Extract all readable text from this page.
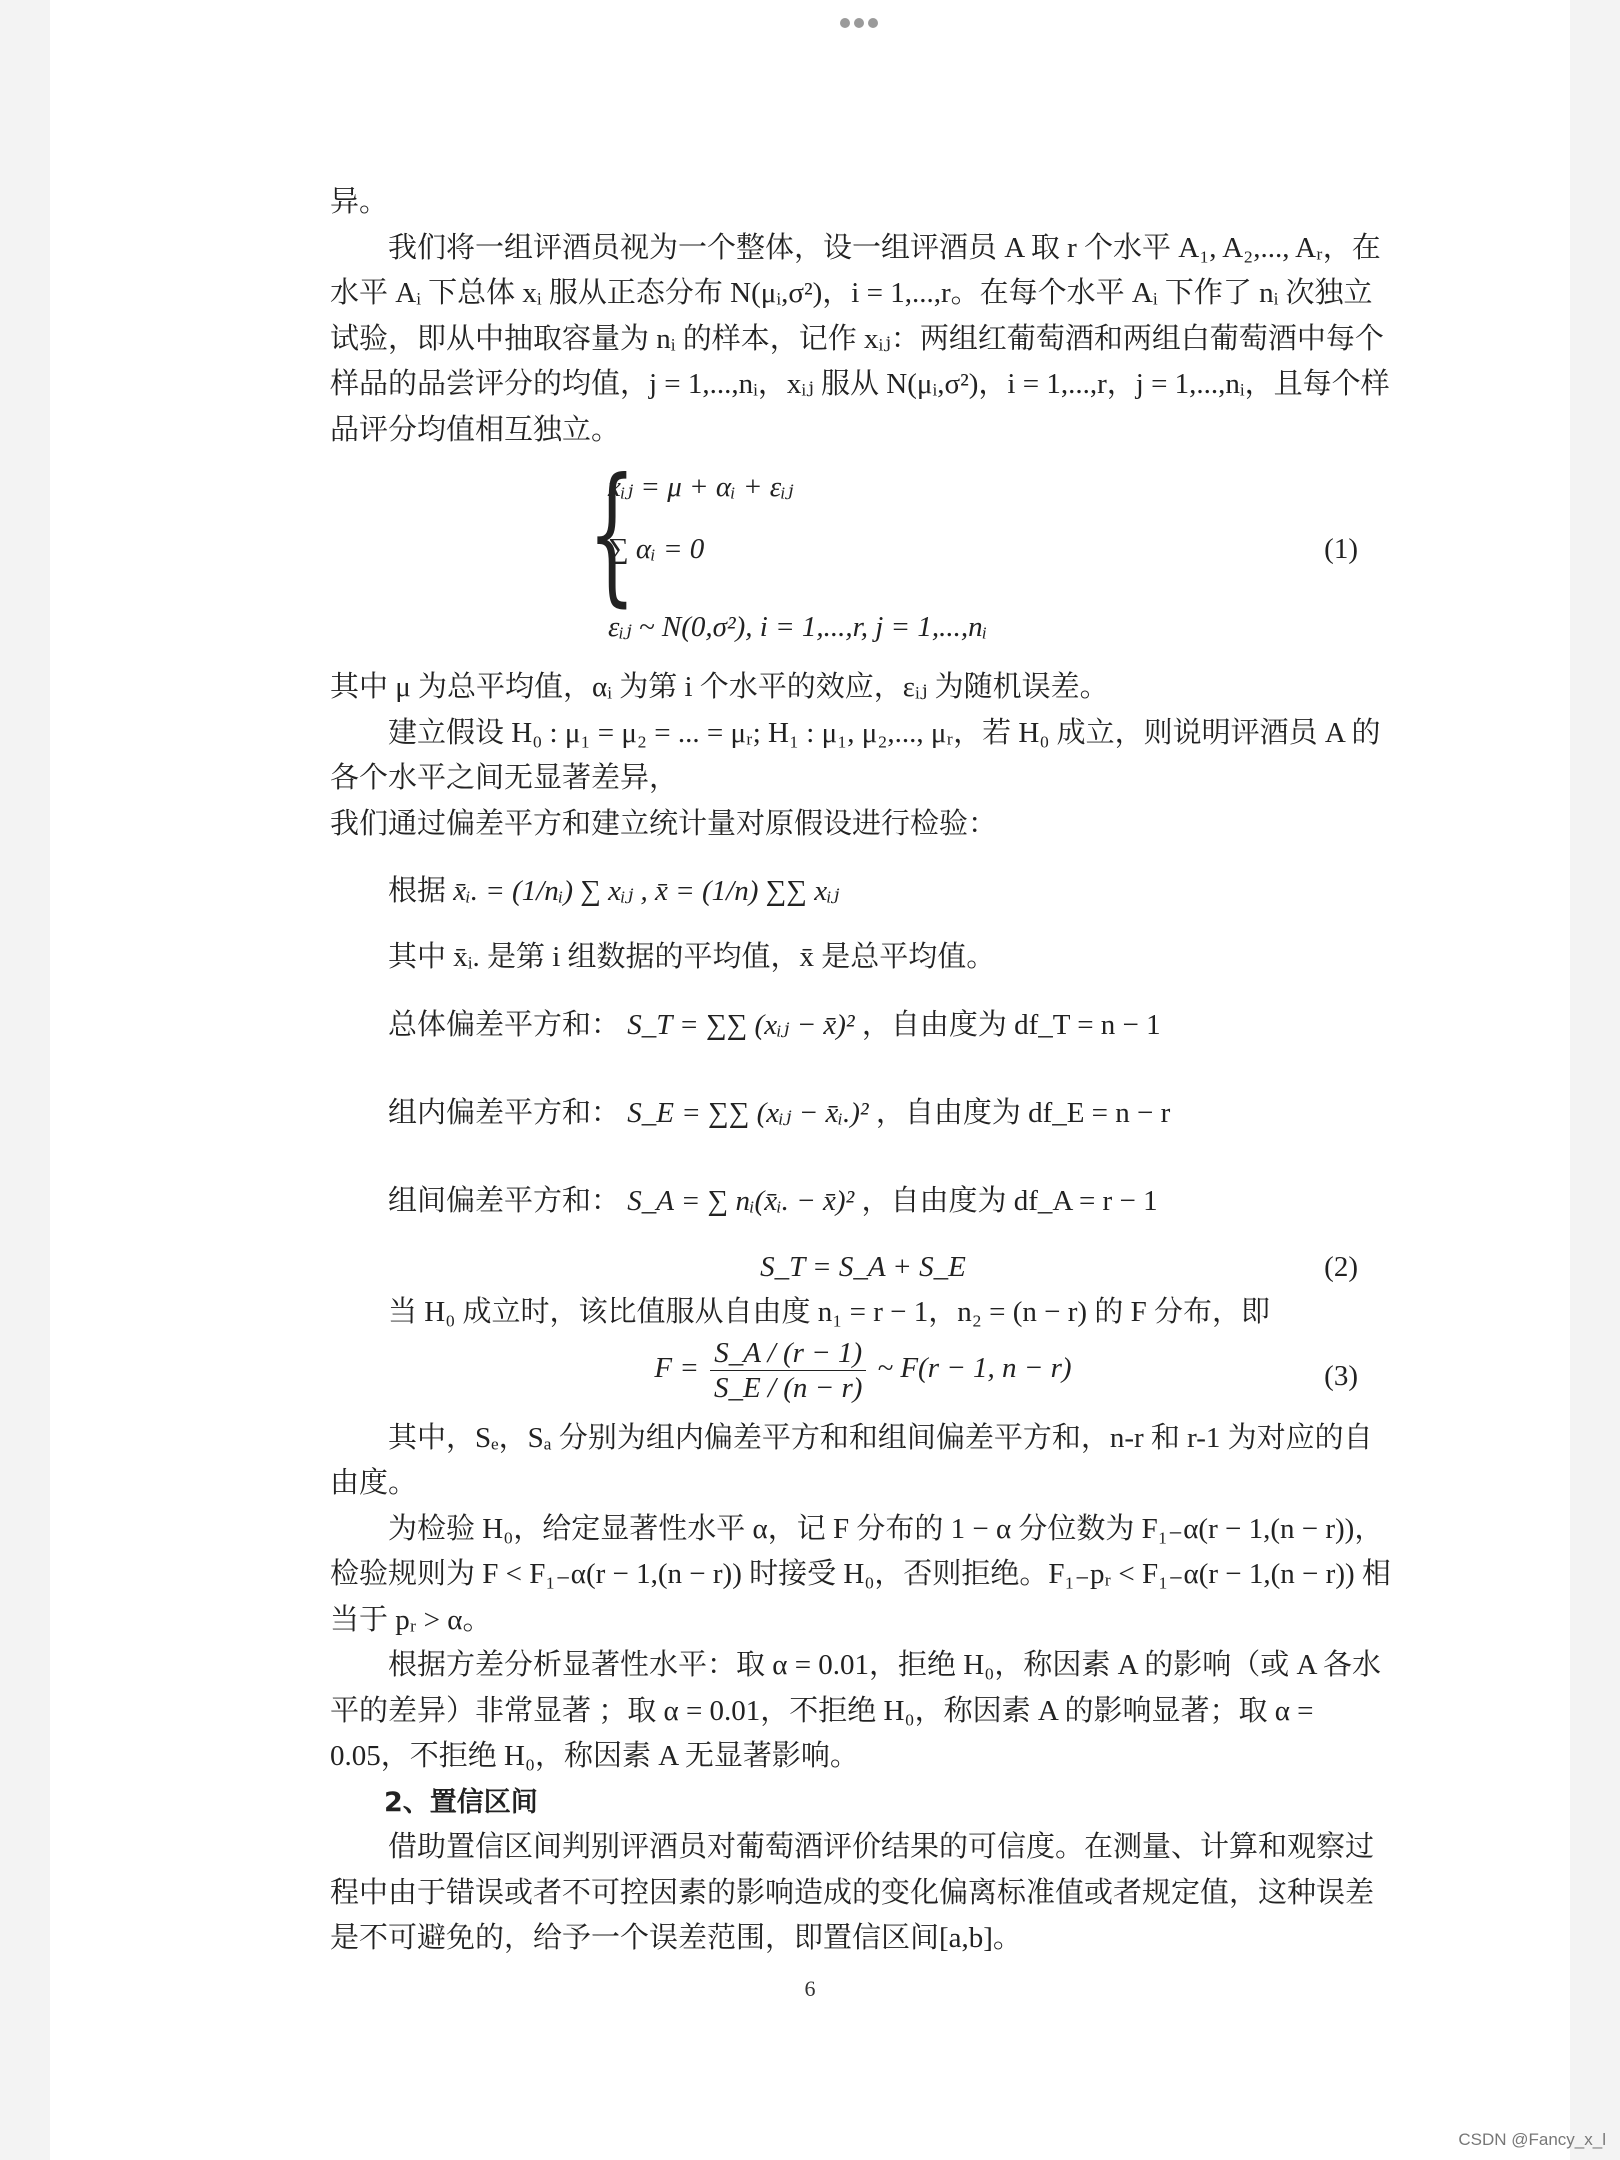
异。

我们将一组评酒员视为一个整体，设一组评酒员 A 取 r 个水平 A₁, A₂,..., Aᵣ，在水平 Aᵢ 下总体 xᵢ 服从正态分布 N(μᵢ,σ²)，i = 1,...,r。在每个水平 Aᵢ 下作了 nᵢ 次独立试验，即从中抽取容量为 nᵢ 的样本，记作 xᵢⱼ：两组红葡萄酒和两组白葡萄酒中每个样品的品尝评分的均值，j = 1,...,nᵢ，xᵢⱼ 服从 N(μᵢ,σ²)，i = 1,...,r，j = 1,...,nᵢ，且每个样品评分均值相互独立。

{
xᵢⱼ = μ + αᵢ + εᵢⱼ
∑ αᵢ = 0
εᵢⱼ ~ N(0,σ²), i = 1,...,r, j = 1,...,nᵢ
(1)

其中 μ 为总平均值，αᵢ 为第 i 个水平的效应，εᵢⱼ 为随机误差。

建立假设 H₀ : μ₁ = μ₂ = ... = μᵣ; H₁ : μ₁, μ₂,..., μᵣ，若 H₀ 成立，则说明评酒员 A 的各个水平之间无显著差异，

我们通过偏差平方和建立统计量对原假设进行检验：

根据 x̄ᵢ. = (1/nᵢ) ∑ xᵢⱼ , x̄ = (1/n) ∑∑ xᵢⱼ

其中 x̄ᵢ. 是第 i 组数据的平均值，x̄ 是总平均值。

总体偏差平方和： S_T = ∑∑ (xᵢⱼ − x̄)² ，自由度为 df_T = n − 1

组内偏差平方和： S_E = ∑∑ (xᵢⱼ − x̄ᵢ.)² ，自由度为 df_E = n − r

组间偏差平方和： S_A = ∑ nᵢ(x̄ᵢ. − x̄)² ，自由度为 df_A = r − 1

S_T = S_A + S_E	(2)

当 H₀ 成立时，该比值服从自由度 n₁ = r − 1，n₂ = (n − r) 的 F 分布，即

$F = \frac{S\_A / (r - 1)}{S\_E / (n - r)}$ ~ F(r − 1, n − r)	(3)

其中，Sₑ，Sₐ 分别为组内偏差平方和和组间偏差平方和，n-r 和 r-1 为对应的自由度。

为检验 H₀，给定显著性水平 α，记 F 分布的 1 − α 分位数为 F₁₋α(r − 1,(n − r))，检验规则为 F < F₁₋α(r − 1,(n − r)) 时接受 H₀，否则拒绝。F₁₋pᵣ < F₁₋α(r − 1,(n − r)) 相当于 pᵣ > α。

根据方差分析显著性水平：取 α = 0.01，拒绝 H₀，称因素 A 的影响（或 A 各水平的差异）非常显著 ；取 α = 0.01，不拒绝 H₀，称因素 A 的影响显著；取 α = 0.05，不拒绝 H₀，称因素 A 无显著影响。

2、置信区间

借助置信区间判别评酒员对葡萄酒评价结果的可信度。在测量、计算和观察过程中由于错误或者不可控因素的影响造成的变化偏离标准值或者规定值，这种误差是不可避免的，给予一个误差范围，即置信区间[a,b]。

6
CSDN @Fancy_x_l
